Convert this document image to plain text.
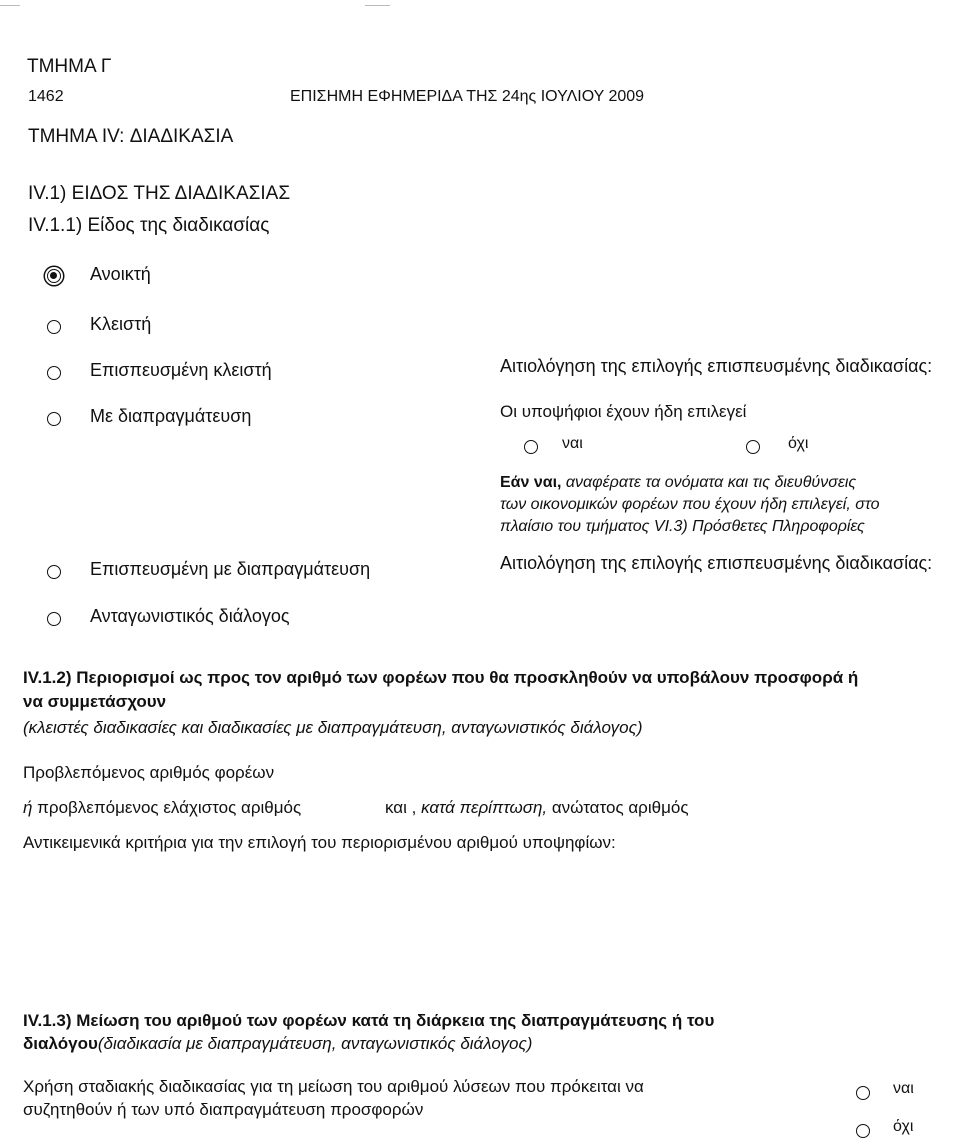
ΤΜΗΜΑ Γ
1462	ΕΠΙΣΗΜΗ ΕΦΗΜΕΡΙΔΑ ΤΗΣ 24ης ΙΟΥΛΙΟΥ 2009
ΤΜΗΜΑ IV: ΔΙΑΔΙΚΑΣΙΑ
IV.1) ΕΙΔΟΣ ΤΗΣ ΔΙΑΔΙΚΑΣΙΑΣ
IV.1.1) Είδος της διαδικασίας
Ανοικτή
Κλειστή
Επισπευσμένη κλειστή	Αιτιολόγηση της επιλογής επισπευσμένης διαδικασίας:
Με διαπραγμάτευση	Οι υποψήφιοι έχουν ήδη επιλεγεί
ναι	όχι
Εάν ναι, αναφέρατε τα ονόματα και τις διευθύνσεις
των οικονομικών φορέων που έχουν ήδη επιλεγεί, στο
πλαίσιο του τμήματος VI.3) Πρόσθετες Πληροφορίες
Επισπευσμένη με διαπραγμάτευση	Αιτιολόγηση της επιλογής επισπευσμένης διαδικασίας:
Ανταγωνιστικός διάλογος
IV.1.2) Περιορισμοί ως προς τον αριθμό των φορέων που θα προσκληθούν να υποβάλουν προσφορά ή
να συμμετάσχουν
(κλειστές διαδικασίες και διαδικασίες με διαπραγμάτευση, ανταγωνιστικός διάλογος)
Προβλεπόμενος αριθμός φορέων
ή προβλεπόμενος ελάχιστος αριθμός	και , κατά περίπτωση, ανώτατος αριθμός
Αντικειμενικά κριτήρια για την επιλογή του περιορισμένου αριθμού υποψηφίων:
IV.1.3) Μείωση του αριθμού των φορέων κατά τη διάρκεια της διαπραγμάτευσης ή του
διαλόγου(διαδικασία με διαπραγμάτευση, ανταγωνιστικός διάλογος)
Χρήση σταδιακής διαδικασίας για τη μείωση του αριθμού λύσεων που πρόκειται να
συζητηθούν ή των υπό διαπραγμάτευση προσφορών
ναι
όχι
